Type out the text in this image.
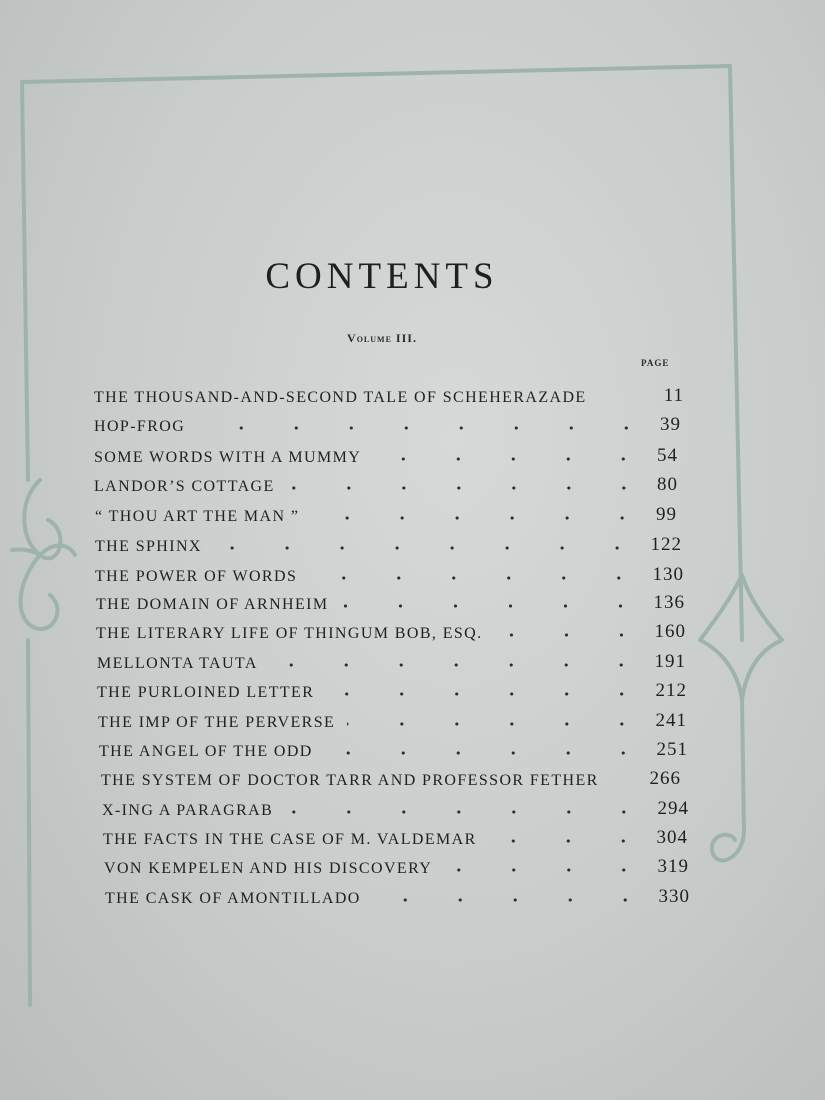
CONTENTS
Volume III.
PAGE
THE THOUSAND-AND-SECOND TALE OF SCHEHERAZADE	11
HOP-FROG	39
SOME WORDS WITH A MUMMY	54
LANDOR’S COTTAGE	80
“ THOU ART THE MAN ”	99
THE SPHINX	122
THE POWER OF WORDS	130
THE DOMAIN OF ARNHEIM	136
THE LITERARY LIFE OF THINGUM BOB, ESQ.	160
MELLONTA TAUTA	191
THE PURLOINED LETTER	212
THE IMP OF THE PERVERSE	241
THE ANGEL OF THE ODD	251
THE SYSTEM OF DOCTOR TARR AND PROFESSOR FETHER	266
X-ING A PARAGRAB	294
THE FACTS IN THE CASE OF M. VALDEMAR	304
VON KEMPELEN AND HIS DISCOVERY	319
THE CASK OF AMONTILLADO	330
